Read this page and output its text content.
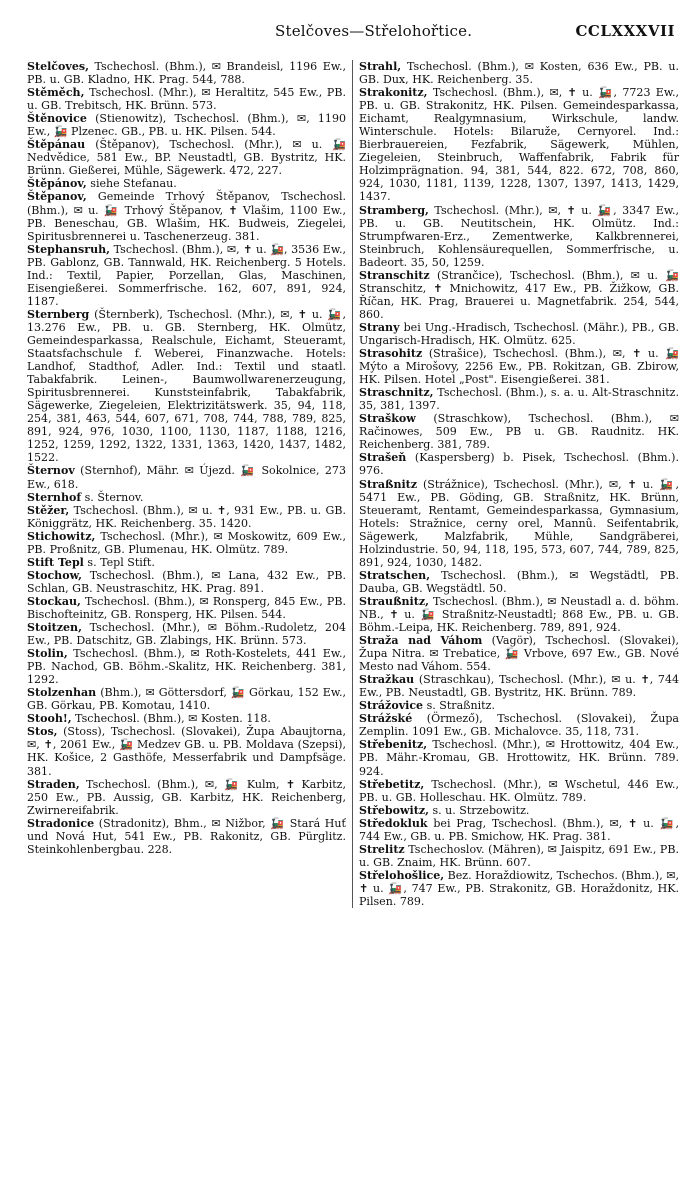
Stelčoves—Střelohořtice.	CCLXXXVII

Stelčoves, Tschechosl. (Bhm.), ✉ Brandeisl, 1196 Ew., PB. u. GB. Kladno, HK. Prag. 544, 788.

Stěměch, Tschechosl. (Mhr.), ✉ Heraltitz, 545 Ew., PB. u. GB. Trebitsch, HK. Brünn. 573.

Štěnovice (Stienowitz), Tschechosl. (Bhm.), ✉, 1190 Ew., 🚂 Plzenec. GB., PB. u. HK. Pilsen. 544.

Štěpánau (Štěpanov), Tschechosl. (Mhr.), ✉ u. 🚂 Nedvědice, 581 Ew., BP. Neustadtl, GB. Bystritz, HK. Brünn. Gießerei, Mühle, Sägewerk. 472, 227.

Štěpánov, siehe Stefanau.

Štěpanov, Gemeinde Trhový Štěpanov, Tschechosl. (Bhm.), ✉ u. 🚂 Trhový Štěpanov, ✝ Vlašim, 1100 Ew., PB. Beneschau, GB. Wlašim, HK. Budweis, Ziegelei, Spiritusbrennerei u. Taschenerzeug. 381.

Stephansruh, Tschechosl. (Bhm.), ✉, ✝ u. 🚂, 3536 Ew., PB. Gablonz, GB. Tannwald, HK. Reichenberg. 5 Hotels. Ind.: Textil, Papier, Porzellan, Glas, Maschinen, Eisengießerei. Sommerfrische. 162, 607, 891, 924, 1187.

Sternberg (Šternberk), Tschechosl. (Mhr.), ✉, ✝ u. 🚂, 13.276 Ew., PB. u. GB. Sternberg, HK. Olmütz, Gemeindesparkassa, Realschule, Eichamt, Steueramt, Staatsfachschule f. Weberei, Finanzwache. Hotels: Landhof, Stadthof, Adler. Ind.: Textil und staatl. Tabakfabrik. Leinen-, Baumwollwarenerzeugung, Spiritusbrennerei. Kunststeinfabrik, Tabakfabrik, Sägewerke, Ziegeleien, Elektrizitätswerk. 35, 94, 118, 254, 381, 463, 544, 607, 671, 708, 744, 788, 789, 825, 891, 924, 976, 1030, 1100, 1130, 1187, 1188, 1216, 1252, 1259, 1292, 1322, 1331, 1363, 1420, 1437, 1482, 1522.

Šternov (Sternhof), Mähr. ✉ Újezd. 🚂 Sokolnice, 273 Ew., 618.

Sternhof s. Šternov.

Stěžer, Tschechosl. (Bhm.), ✉ u. ✝, 931 Ew., PB. u. GB. Königgrätz, HK. Reichenberg. 35. 1420.

Stichowitz, Tschechosl. (Mhr.), ✉ Moskowitz, 609 Ew., PB. Proßnitz, GB. Plumenau, HK. Olmütz. 789.

Stift Tepl s. Tepl Stift.

Stochow, Tschechosl. (Bhm.), ✉ Lana, 432 Ew., PB. Schlan, GB. Neustraschitz, HK. Prag. 891.

Stockau, Tschechosl. (Bhm.), ✉ Ronsperg, 845 Ew., PB. Bischofteinitz, GB. Ronsperg, HK. Pilsen. 544.

Stoitzen, Tschechosl. (Mhr.), ✉ Böhm.-Rudoletz, 204 Ew., PB. Datschitz, GB. Zlabings, HK. Brünn. 573.

Stolin, Tschechosl. (Bhm.), ✉ Roth-Kostelets, 441 Ew., PB. Nachod, GB. Böhm.-Skalitz, HK. Reichenberg. 381, 1292.

Stolzenhan (Bhm.), ✉ Göttersdorf, 🚂 Görkau, 152 Ew., GB. Görkau, PB. Komotau, 1410.

Stooh!, Tschechosl. (Bhm.), ✉ Kosten. 118.

Stos, (Stoss), Tschechosl. (Slovakei), Župa Abaujtorna, ✉, ✝, 2061 Ew., 🚂 Medzev GB. u. PB. Moldava (Szepsi), HK. Košice, 2 Gasthöfe, Messerfabrik und Dampfsäge. 381.

Straden, Tschechosl. (Bhm.), ✉, 🚂 Kulm, ✝ Karbitz, 250 Ew., PB. Aussig, GB. Karbitz, HK. Reichenberg, Zwirnereifabrik.

Stradonice (Stradonitz), Bhm., ✉ Nižbor, 🚂 Stará Huť und Nová Hut, 541 Ew., PB. Rakonitz, GB. Pürglitz. Steinkohlenbergbau. 228.

Strahl, Tschechosl. (Bhm.), ✉ Kosten, 636 Ew., PB. u. GB. Dux, HK. Reichenberg. 35.

Strakonitz, Tschechosl. (Bhm.), ✉, ✝ u. 🚂, 7723 Ew., PB. u. GB. Strakonitz, HK. Pilsen. Gemeindesparkassa, Eichamt, Realgymnasium, Wirkschule, landw. Winterschule. Hotels: Bilaruže, Cernyorel. Ind.: Bierbrauereien, Fezfabrik, Sägewerk, Mühlen, Ziegeleien, Steinbruch, Waffenfabrik, Fabrik für Holzimprägnation. 94, 381, 544, 822. 672, 708, 860, 924, 1030, 1181, 1139, 1228, 1307, 1397, 1413, 1429, 1437.

Stramberg, Tschechosl. (Mhr.), ✉, ✝ u. 🚂, 3347 Ew., PB. u. GB. Neutitschein, HK. Olmütz. Ind.: Strumpfwaren-Erz., Zementwerke, Kalkbrennerei, Steinbruch, Kohlensäurequellen, Sommerfrische, u. Badeort. 35, 50, 1259.

Stranschitz (Strančice), Tschechosl. (Bhm.), ✉ u. 🚂 Stranschitz, ✝ Mnichowitz, 417 Ew., PB. Žižkow, GB. Říčan, HK. Prag, Brauerei u. Magnetfabrik. 254, 544, 860.

Strany bei Ung.-Hradisch, Tschechosl. (Mähr.), PB., GB. Ungarisch-Hradisch, HK. Olmütz. 625.

Strasohitz (Strašice), Tschechosl. (Bhm.), ✉, ✝ u. 🚂 Mýto a Mirošovy, 2256 Ew., PB. Rokitzan, GB. Zbirow, HK. Pilsen. Hotel „Post". Eisengießerei. 381.

Straschnitz, Tschechosl. (Bhm.), s. a. u. Alt-Straschnitz. 35, 381, 1397.

Straškow (Straschkow), Tschechosl. (Bhm.), ✉ Račinowes, 509 Ew., PB u. GB. Raudnitz. HK. Reichenberg. 381, 789.

Strašeň (Kaspersberg) b. Pisek, Tschechosl. (Bhm.). 976.

Straßnitz (Strážnice), Tschechosl. (Mhr.), ✉, ✝ u. 🚂, 5471 Ew., PB. Göding, GB. Straßnitz, HK. Brünn, Steueramt, Rentamt, Gemeindesparkassa, Gymnasium, Hotels: Stražnice, cerny orel, Mannû. Seifentabrik, Sägewerk, Malzfabrik, Mühle, Sandgräberei, Holzindustrie. 50, 94, 118, 195, 573, 607, 744, 789, 825, 891, 924, 1030, 1482.

Stratschen, Tschechosl. (Bhm.), ✉ Wegstädtl, PB. Dauba, GB. Wegstädtl. 50.

Straußnitz, Tschechosl. (Bhm.), ✉ Neustadl a. d. böhm. NB., ✝ u. 🚂 Straßnitz-Neustadtl; 868 Ew., PB. u. GB. Böhm.-Leipa, HK. Reichenberg. 789, 891, 924.

Straža nad Váhom (Vagör), Tschechosl. (Slovakei), Župa Nitra. ✉ Trebatice, 🚂 Vrbove, 697 Ew., GB. Nové Mesto nad Váhom. 554.

Stražkau (Straschkau), Tschechosl. (Mhr.), ✉ u. ✝, 744 Ew., PB. Neustadtl, GB. Bystritz, HK. Brünn. 789.

Strážovice s. Straßnitz.

Strážské (Örmező), Tschechosl. (Slovakei), Župa Zemplin. 1091 Ew., GB. Michalovce. 35, 118, 731.

Střebenitz, Tschechosl. (Mhr.), ✉ Hrottowitz, 404 Ew., PB. Mähr.-Kromau, GB. Hrottowitz, HK. Brünn. 789. 924.

Střebetitz, Tschechosl. (Mhr.), ✉ Wschetul, 446 Ew., PB. u. GB. Holleschau. HK. Olmütz. 789.

Střebowitz, s. u. Strzebowitz.

Středokluk bei Prag, Tschechosl. (Bhm.), ✉, ✝ u. 🚂, 744 Ew., GB. u. PB. Smichow, HK. Prag. 381.

Strelitz Tschechoslov. (Mähren), ✉ Jaispitz, 691 Ew., PB. u. GB. Znaim, HK. Brünn. 607.

Střelohošlice, Bez. Horaždiowitz, Tschechos. (Bhm.), ✉, ✝ u. 🚂, 747 Ew., PB. Strakonitz, GB. Horaždonitz, HK. Pilsen. 789.
